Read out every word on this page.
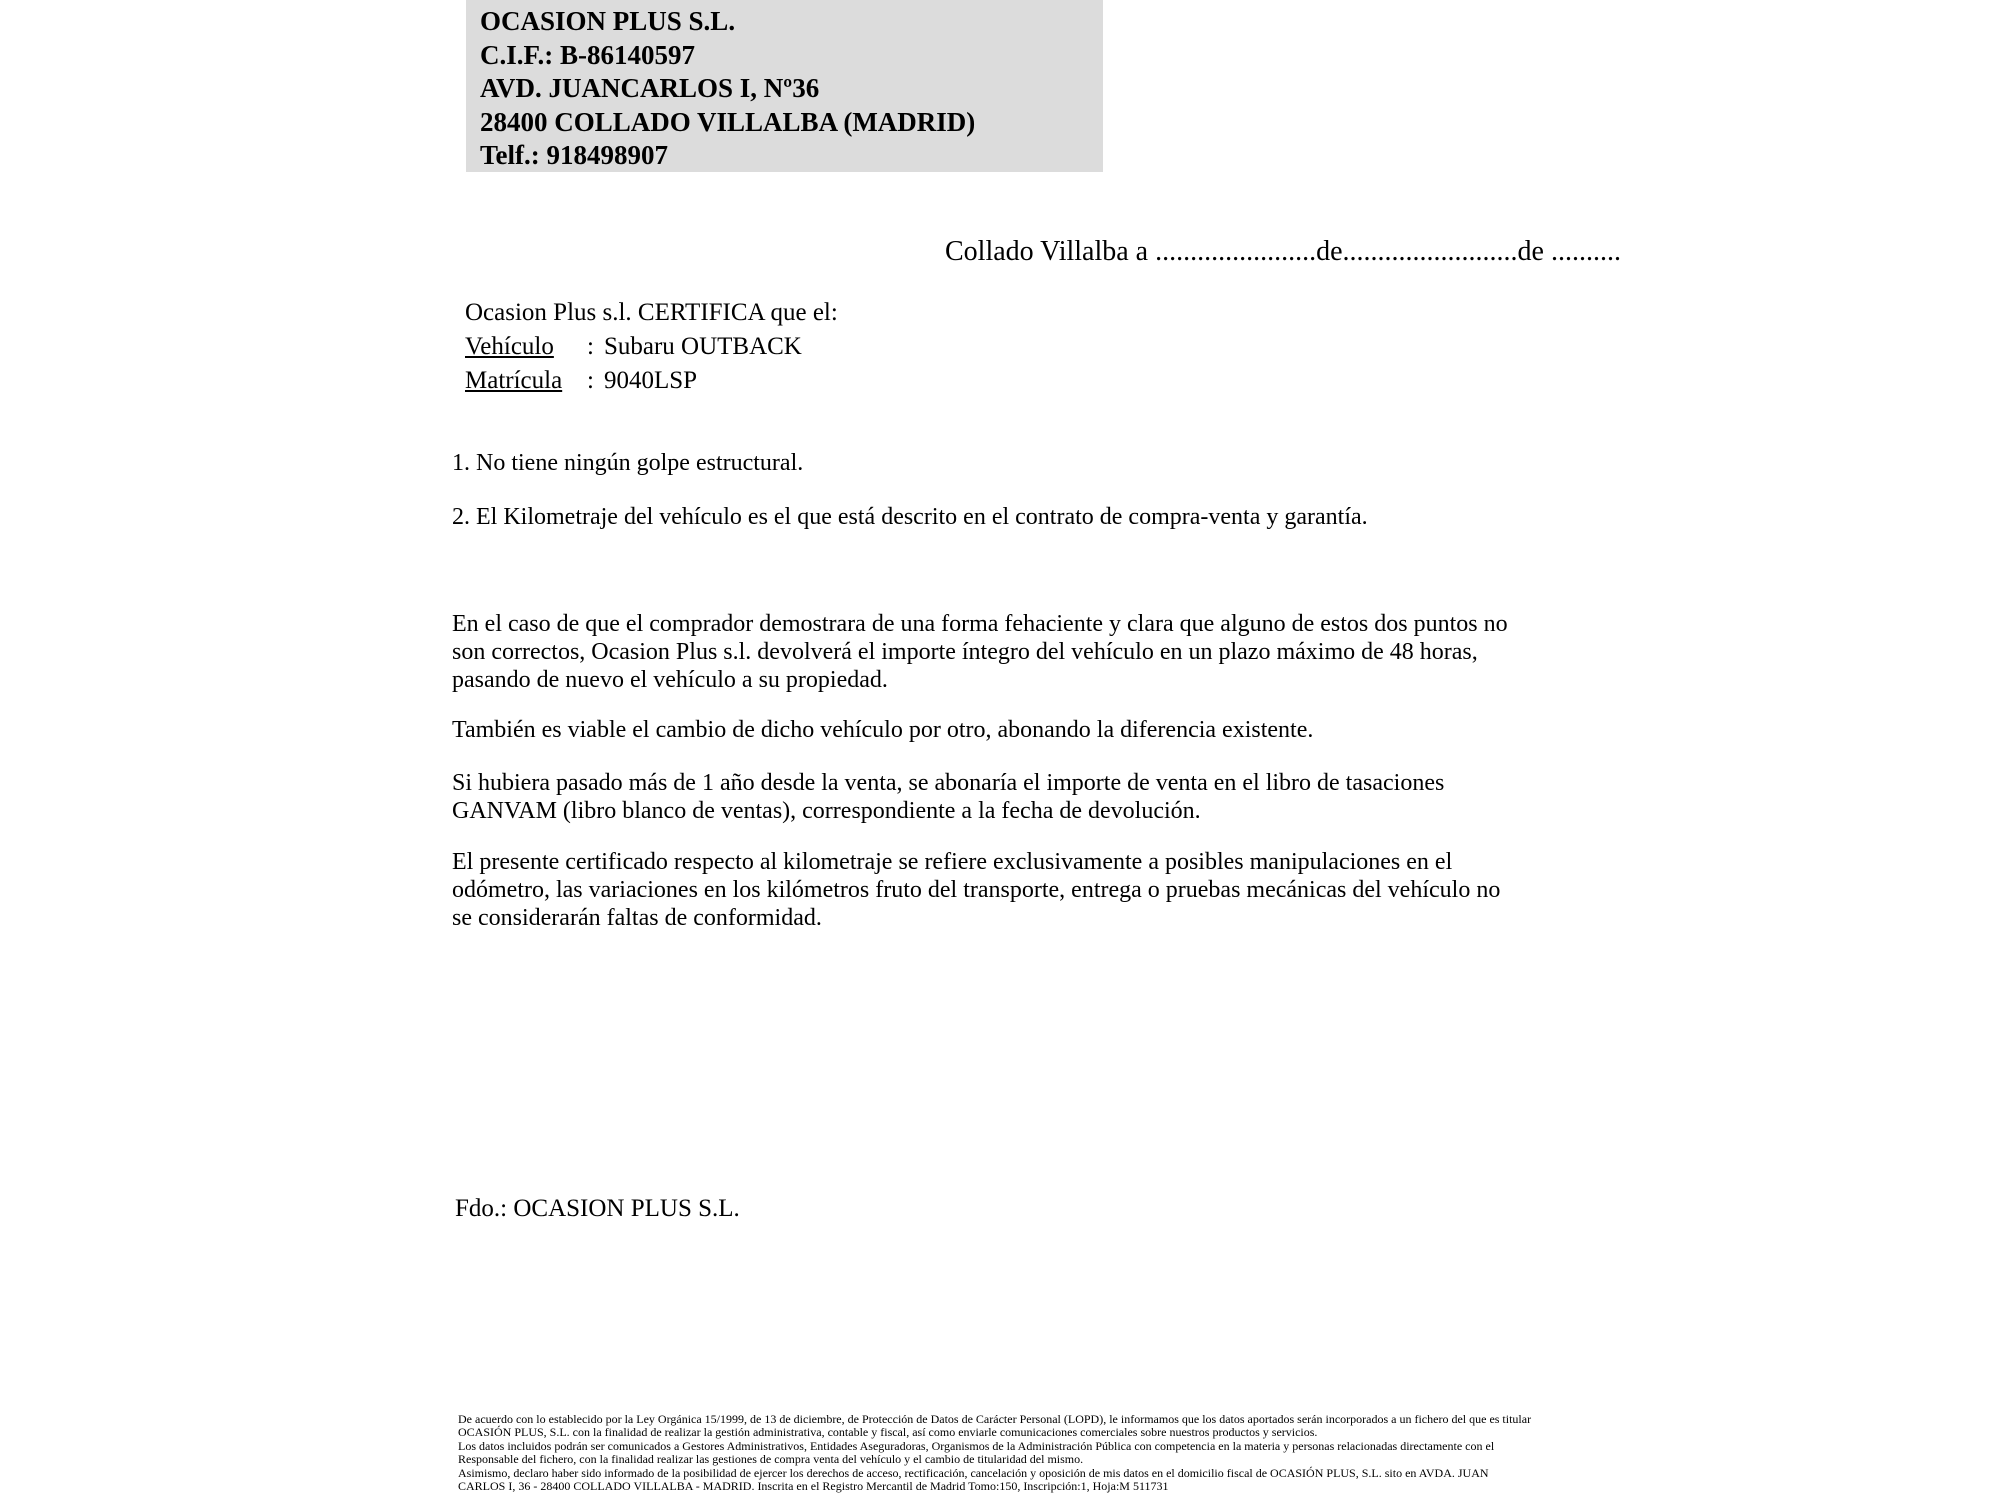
OCASION PLUS S.L.
C.I.F.: B-86140597
AVD. JUANCARLOS I, Nº36
28400 COLLADO VILLALBA (MADRID)
Telf.: 918498907
Collado Villalba a .......................de.........................de ..........
Ocasion Plus s.l. CERTIFICA que el:
Vehículo : Subaru OUTBACK
Matrícula : 9040LSP
1. No tiene ningún golpe estructural.
2. El Kilometraje del vehículo es el que está descrito en el contrato de compra-venta y garantía.
En el caso de que el comprador demostrara de una forma fehaciente y clara que alguno de estos dos puntos no
son correctos, Ocasion Plus s.l. devolverá el importe íntegro del vehículo en un plazo máximo de 48 horas,
pasando de nuevo el vehículo a su propiedad.
También es viable el cambio de dicho vehículo por otro, abonando la diferencia existente.
Si hubiera pasado más de 1 año desde la venta, se abonaría el importe de venta en el libro de tasaciones
GANVAM (libro blanco de ventas), correspondiente a la fecha de devolución.
El presente certificado respecto al kilometraje se refiere exclusivamente a posibles manipulaciones en el
odómetro, las variaciones en los kilómetros fruto del transporte, entrega o pruebas mecánicas del vehículo no
se considerarán faltas de conformidad.
Fdo.: OCASION PLUS S.L.
De acuerdo con lo establecido por la Ley Orgánica 15/1999, de 13 de diciembre, de Protección de Datos de Carácter Personal (LOPD), le informamos que los datos aportados serán incorporados a un fichero del que es titular
OCASIÓN PLUS, S.L. con la finalidad de realizar la gestión administrativa, contable y fiscal, así como enviarle comunicaciones comerciales sobre nuestros productos y servicios.
Los datos incluidos podrán ser comunicados a Gestores Administrativos, Entidades Aseguradoras, Organismos de la Administración Pública con competencia en la materia y personas relacionadas directamente con el
Responsable del fichero, con la finalidad realizar las gestiones de compra venta del vehículo y el cambio de titularidad del mismo.
Asimismo, declaro haber sido informado de la posibilidad de ejercer los derechos de acceso, rectificación, cancelación y oposición de mis datos en el domicilio fiscal de OCASIÓN PLUS, S.L. sito en AVDA. JUAN
CARLOS I, 36 - 28400 COLLADO VILLALBA - MADRID. Inscrita en el Registro Mercantil de Madrid Tomo:150, Inscripción:1, Hoja:M 511731
